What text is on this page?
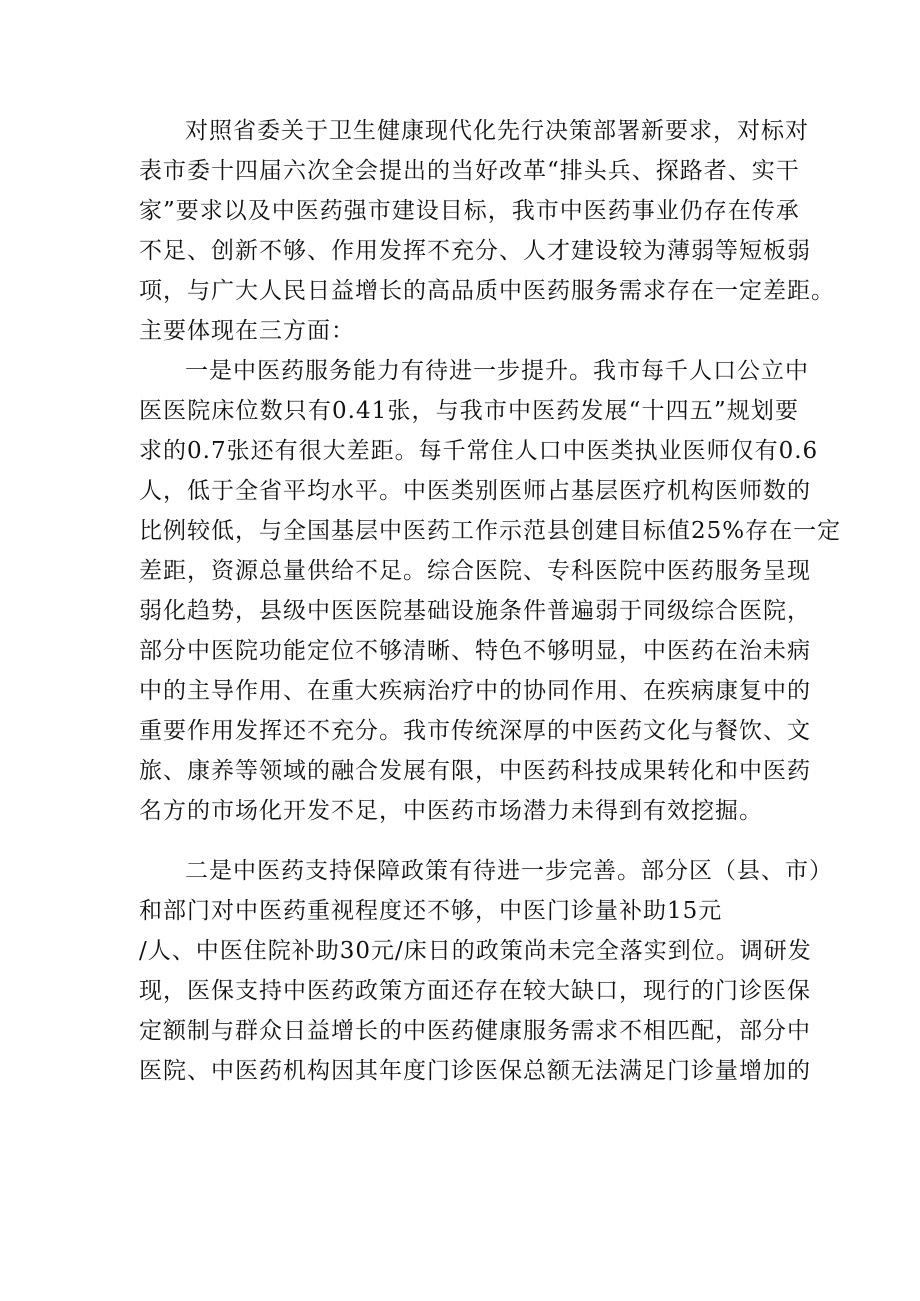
对照省委关于卫生健康现代化先行决策部署新要求，对标对
表市委十四届六次全会提出的当好改革“排头兵、探路者、实干
家”要求以及中医药强市建设目标，我市中医药事业仍存在传承
不足、创新不够、作用发挥不充分、人才建设较为薄弱等短板弱
项，与广大人民日益增长的高品质中医药服务需求存在一定差距。
主要体现在三方面：
一是中医药服务能力有待进一步提升。我市每千人口公立中
医医院床位数只有0.41张，与我市中医药发展“十四五”规划要
求的0.7张还有很大差距。每千常住人口中医类执业医师仅有0.6
人，低于全省平均水平。中医类别医师占基层医疗机构医师数的
比例较低，与全国基层中医药工作示范县创建目标值25%存在一定
差距，资源总量供给不足。综合医院、专科医院中医药服务呈现
弱化趋势，县级中医医院基础设施条件普遍弱于同级综合医院，
部分中医院功能定位不够清晰、特色不够明显，中医药在治未病
中的主导作用、在重大疾病治疗中的协同作用、在疾病康复中的
重要作用发挥还不充分。我市传统深厚的中医药文化与餐饮、文
旅、康养等领域的融合发展有限，中医药科技成果转化和中医药
名方的市场化开发不足，中医药市场潜力未得到有效挖掘。
二是中医药支持保障政策有待进一步完善。部分区（县、市）
和部门对中医药重视程度还不够，中医门诊量补助15元
/人、中医住院补助30元/床日的政策尚未完全落实到位。调研发
现，医保支持中医药政策方面还存在较大缺口，现行的门诊医保
定额制与群众日益增长的中医药健康服务需求不相匹配，部分中
医院、中医药机构因其年度门诊医保总额无法满足门诊量增加的
